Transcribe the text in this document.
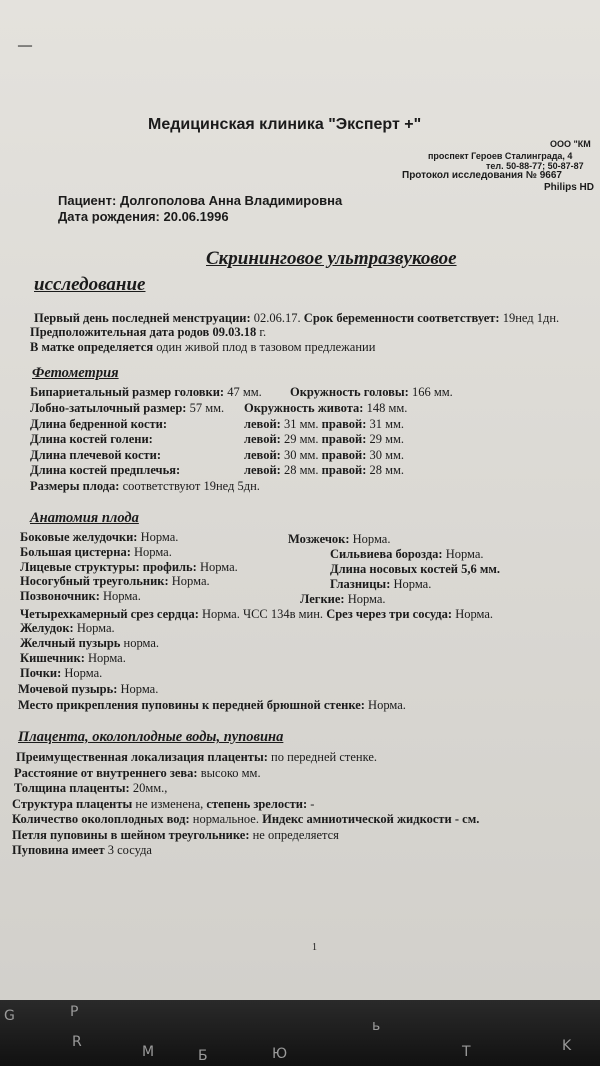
—
Медицинская клиника "Эксперт +"
ООО "КМ
проспект Героев Сталинграда, 4
тел. 50-88-77; 50-87-87
Протокол исследования № 9667
Philips HD
Пациент: Долгополова Анна Владимировна
Дата рождения: 20.06.1996
Скрининговое ультразвуковое
исследование
Первый день последней менструации: 02.06.17. Срок беременности соответствует: 19нед 1дн.
Предположительная дата родов 09.03.18 г.
В матке определяется один живой плод в тазовом предлежании
Фетометрия
Бипариетальный размер головки: 47 мм. Окружность головы: 166 мм.
Лобно-затылочный размер: 57 мм. Окружность живота: 148 мм.
Длина бедренной кости:	левой: 31 мм. правой: 31 мм.
Длина костей голени:	левой: 29 мм. правой: 29 мм.
Длина плечевой кости:	левой: 30 мм. правой: 30 мм.
Длина костей предплечья:	левой: 28 мм. правой: 28 мм.
Размеры плода: соответствуют 19нед 5дн.
Анатомия плода
Боковые желудочки: Норма.	Мозжечок: Норма.
Большая цистерна: Норма.	Сильвиева борозда: Норма.
Лицевые структуры: профиль: Норма.	Длина носовых костей 5,6 мм.
Носогубный треугольник: Норма.	Глазницы: Норма.
Позвоночник: Норма.	Легкие: Норма.
Четырехкамерный срез сердца: Норма. ЧСС 134в мин. Срез через три сосуда: Норма.
Желудок: Норма.
Желчный пузырь норма.
Кишечник: Норма.
Почки: Норма.
Мочевой пузырь: Норма.
Место прикрепления пуповины к передней брюшной стенке: Норма.
Плацента, околоплодные воды, пуповина
Преимущественная локализация плаценты: по передней стенке.
Расстояние от внутреннего зева: высоко мм.
Толщина плаценты: 20мм.,
Структура плаценты не изменена, степень зрелости: -
Количество околоплодных вод: нормальное. Индекс амниотической жидкости - см.
Петля пуповины в шейном треугольнике: не определяется
Пуповина имеет 3 сосуда
1
G	P
R
M	Б	Ю
ь
T	K
